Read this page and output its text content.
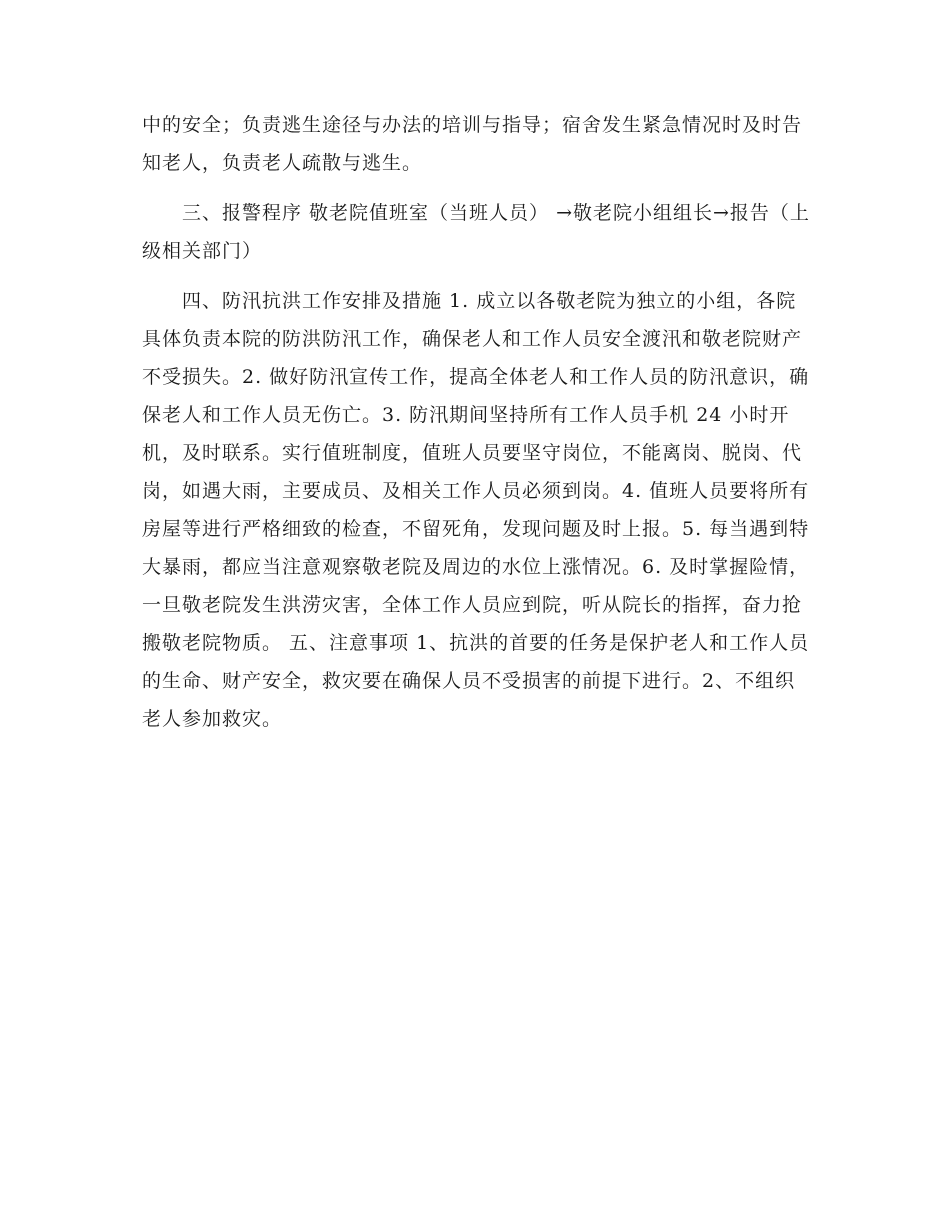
中的安全；负责逃生途径与办法的培训与指导；宿舍发生紧急情况时及时告知老人，负责老人疏散与逃生。

三、报警程序 敬老院值班室（当班人员） →敬老院小组组长→报告（上级相关部门）

四、防汛抗洪工作安排及措施 1. 成立以各敬老院为独立的小组，各院具体负责本院的防洪防汛工作，确保老人和工作人员安全渡汛和敬老院财产不受损失。2. 做好防汛宣传工作，提高全体老人和工作人员的防汛意识，确保老人和工作人员无伤亡。3. 防汛期间坚持所有工作人员手机 24 小时开机，及时联系。实行值班制度，值班人员要坚守岗位，不能离岗、脱岗、代岗，如遇大雨，主要成员、及相关工作人员必须到岗。4. 值班人员要将所有房屋等进行严格细致的检查，不留死角，发现问题及时上报。5. 每当遇到特大暴雨，都应当注意观察敬老院及周边的水位上涨情况。6. 及时掌握险情，一旦敬老院发生洪涝灾害，全体工作人员应到院，听从院长的指挥，奋力抢搬敬老院物质。 五、注意事项 1、抗洪的首要的任务是保护老人和工作人员的生命、财产安全，救灾要在确保人员不受损害的前提下进行。2、不组织老人参加救灾。
